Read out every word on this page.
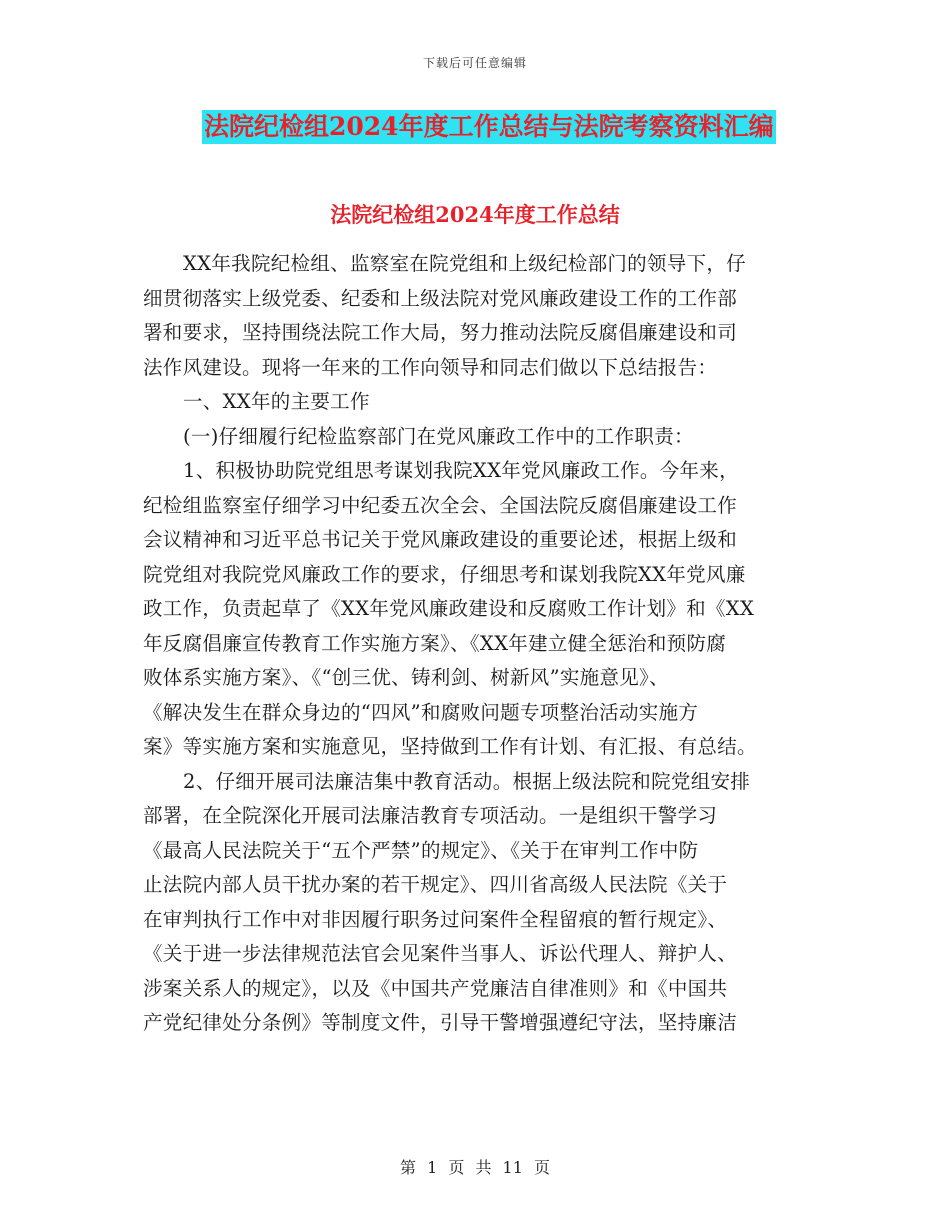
下载后可任意编辑
法院纪检组2024年度工作总结与法院考察资料汇编
法院纪检组2024年度工作总结
XX年我院纪检组、监察室在院党组和上级纪检部门的领导下，仔
细贯彻落实上级党委、纪委和上级法院对党风廉政建设工作的工作部
署和要求，坚持围绕法院工作大局，努力推动法院反腐倡廉建设和司
法作风建设。现将一年来的工作向领导和同志们做以下总结报告：
一、XX年的主要工作
(一)仔细履行纪检监察部门在党风廉政工作中的工作职责：
1、积极协助院党组思考谋划我院XX年党风廉政工作。今年来，
纪检组监察室仔细学习中纪委五次全会、全国法院反腐倡廉建设工作
会议精神和习近平总书记关于党风廉政建设的重要论述，根据上级和
院党组对我院党风廉政工作的要求，仔细思考和谋划我院XX年党风廉
政工作，负责起草了《XX年党风廉政建设和反腐败工作计划》和《XX
年反腐倡廉宣传教育工作实施方案》、《XX年建立健全惩治和预防腐
败体系实施方案》、《“创三优、铸利剑、树新风”实施意见》、
《解决发生在群众身边的“四风”和腐败问题专项整治活动实施方
案》等实施方案和实施意见，坚持做到工作有计划、有汇报、有总结。
2、仔细开展司法廉洁集中教育活动。根据上级法院和院党组安排
部署，在全院深化开展司法廉洁教育专项活动。一是组织干警学习
《最高人民法院关于“五个严禁”的规定》、《关于在审判工作中防
止法院内部人员干扰办案的若干规定》、四川省高级人民法院《关于
在审判执行工作中对非因履行职务过问案件全程留痕的暂行规定》、
《关于进一步法律规范法官会见案件当事人、诉讼代理人、辩护人、
涉案关系人的规定》，以及《中国共产党廉洁自律准则》和《中国共
产党纪律处分条例》等制度文件，引导干警增强遵纪守法，坚持廉洁
第 1 页 共 11 页
